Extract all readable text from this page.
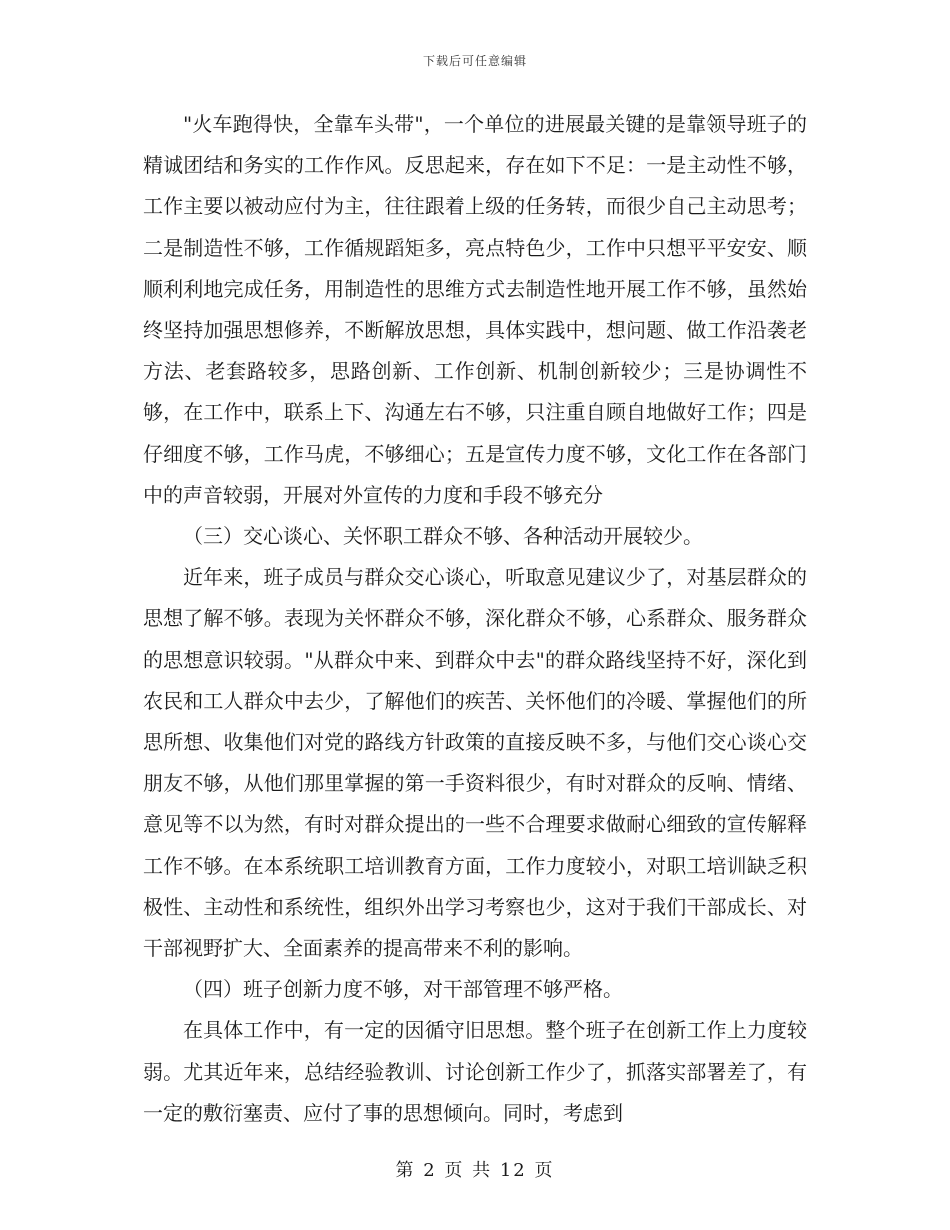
下载后可任意编辑

"火车跑得快，全靠车头带"，一个单位的进展最关键的是靠领导班子的精诚团结和务实的工作作风。反思起来，存在如下不足：一是主动性不够，工作主要以被动应付为主，往往跟着上级的任务转，而很少自己主动思考；二是制造性不够，工作循规蹈矩多，亮点特色少，工作中只想平平安安、顺顺利利地完成任务，用制造性的思维方式去制造性地开展工作不够，虽然始终坚持加强思想修养，不断解放思想，具体实践中，想问题、做工作沿袭老方法、老套路较多，思路创新、工作创新、机制创新较少；三是协调性不够，在工作中，联系上下、沟通左右不够，只注重自顾自地做好工作；四是仔细度不够，工作马虎，不够细心；五是宣传力度不够，文化工作在各部门中的声音较弱，开展对外宣传的力度和手段不够充分

（三）交心谈心、关怀职工群众不够、各种活动开展较少。

近年来，班子成员与群众交心谈心，听取意见建议少了，对基层群众的思想了解不够。表现为关怀群众不够，深化群众不够，心系群众、服务群众的思想意识较弱。"从群众中来、到群众中去"的群众路线坚持不好，深化到农民和工人群众中去少，了解他们的疾苦、关怀他们的冷暖、掌握他们的所思所想、收集他们对党的路线方针政策的直接反映不多，与他们交心谈心交朋友不够，从他们那里掌握的第一手资料很少，有时对群众的反响、情绪、意见等不以为然，有时对群众提出的一些不合理要求做耐心细致的宣传解释工作不够。在本系统职工培训教育方面，工作力度较小，对职工培训缺乏积极性、主动性和系统性，组织外出学习考察也少，这对于我们干部成长、对干部视野扩大、全面素养的提高带来不利的影响。

（四）班子创新力度不够，对干部管理不够严格。

在具体工作中，有一定的因循守旧思想。整个班子在创新工作上力度较弱。尤其近年来，总结经验教训、讨论创新工作少了，抓落实部署差了，有一定的敷衍塞责、应付了事的思想倾向。同时，考虑到

第 2 页 共 12 页
